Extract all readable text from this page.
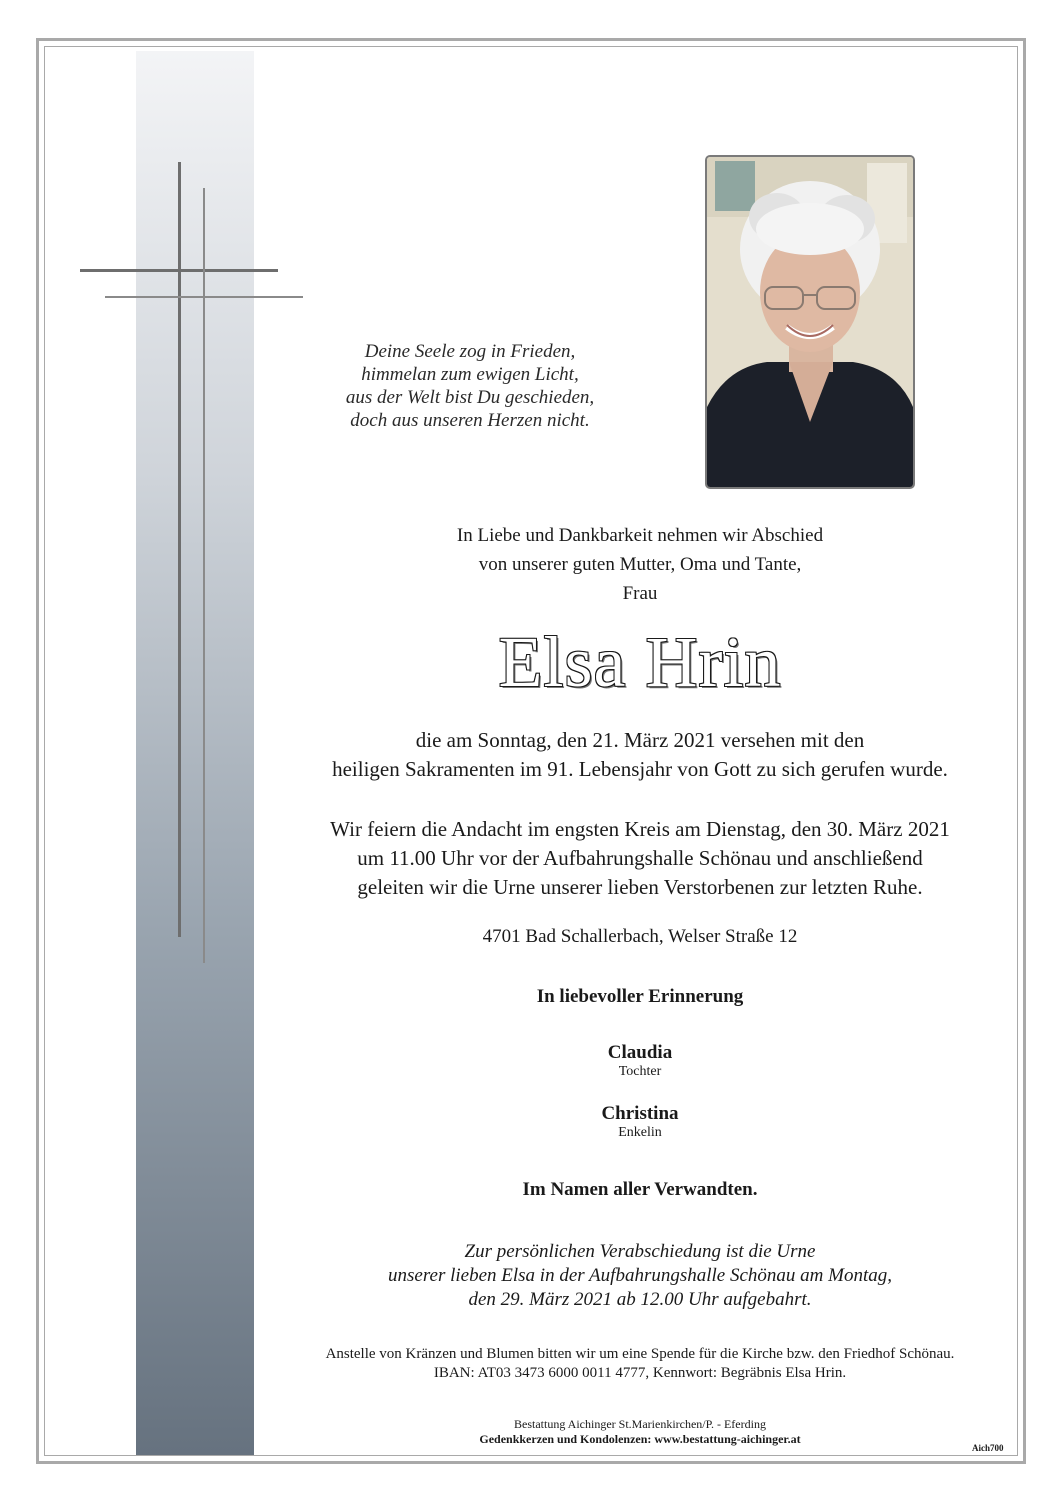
Deine Seele zog in Frieden,
himmelan zum ewigen Licht,
aus der Welt bist Du geschieden,
doch aus unseren Herzen nicht.
In Liebe und Dankbarkeit nehmen wir Abschied
von unserer guten Mutter, Oma und Tante,
Frau
Elsa Hrin
die am Sonntag, den 21. März 2021 versehen mit den
heiligen Sakramenten im 91. Lebensjahr von Gott zu sich gerufen wurde.
Wir feiern die Andacht im engsten Kreis am Dienstag, den 30. März 2021
um 11.00 Uhr vor der Aufbahrungshalle Schönau und anschließend
geleiten wir die Urne unserer lieben Verstorbenen zur letzten Ruhe.
4701 Bad Schallerbach, Welser Straße 12
In liebevoller Erinnerung
Claudia
Tochter
Christina
Enkelin
Im Namen aller Verwandten.
Zur persönlichen Verabschiedung ist die Urne
unserer lieben Elsa in der Aufbahrungshalle Schönau am Montag,
den 29. März 2021 ab 12.00 Uhr aufgebahrt.
Anstelle von Kränzen und Blumen bitten wir um eine Spende für die Kirche bzw. den Friedhof Schönau.
IBAN: AT03 3473 6000 0011 4777, Kennwort: Begräbnis Elsa Hrin.
Bestattung Aichinger St.Marienkirchen/P. - Eferding
Gedenkkerzen und Kondolenzen: www.bestattung-aichinger.at
Aich700
